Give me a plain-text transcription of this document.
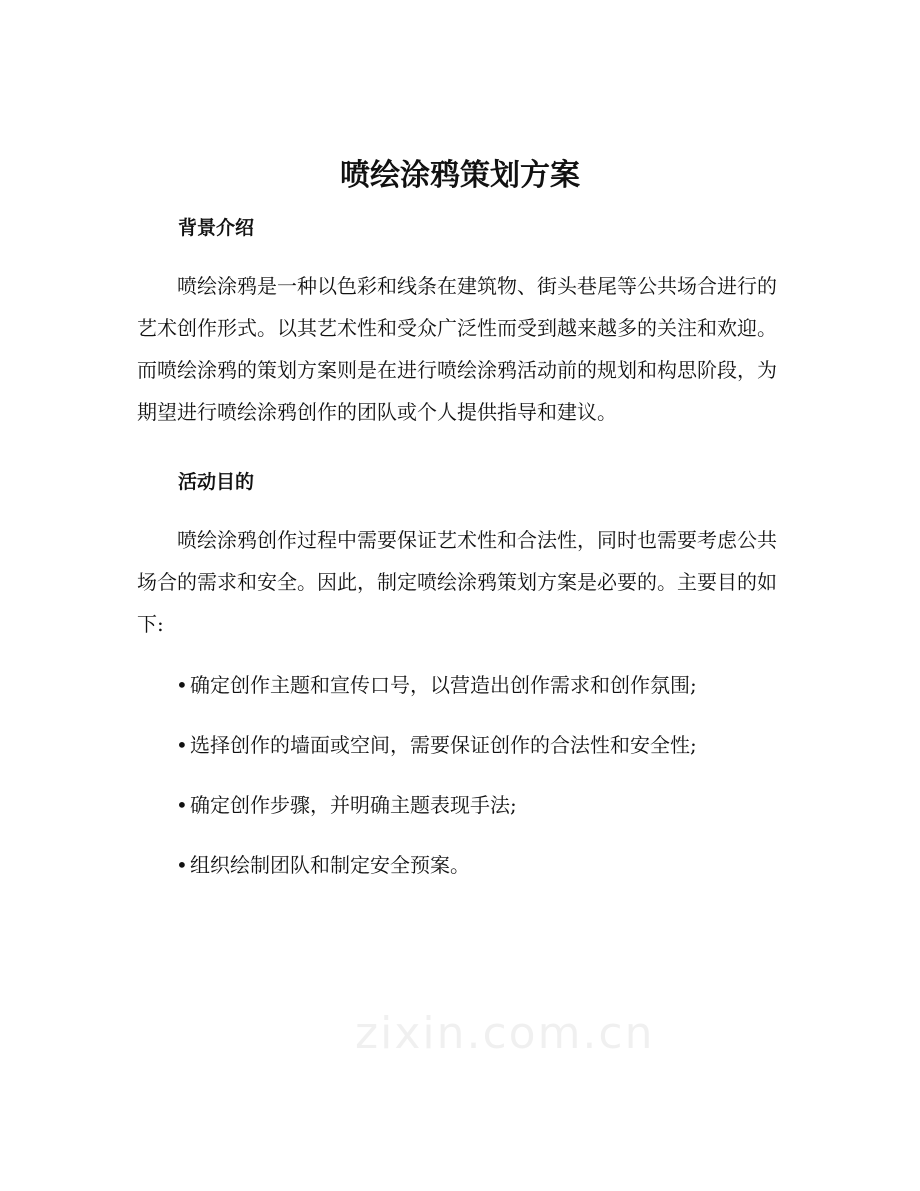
喷绘涂鸦策划方案
背景介绍

喷绘涂鸦是一种以色彩和线条在建筑物、街头巷尾等公共场合进行的艺术创作形式。以其艺术性和受众广泛性而受到越来越多的关注和欢迎。而喷绘涂鸦的策划方案则是在进行喷绘涂鸦活动前的规划和构思阶段，为期望进行喷绘涂鸦创作的团队或个人提供指导和建议。

活动目的

喷绘涂鸦创作过程中需要保证艺术性和合法性，同时也需要考虑公共场合的需求和安全。因此，制定喷绘涂鸦策划方案是必要的。主要目的如下:

• 确定创作主题和宣传口号，以营造出创作需求和创作氛围;
• 选择创作的墙面或空间，需要保证创作的合法性和安全性;
• 确定创作步骤，并明确主题表现手法;
• 组织绘制团队和制定安全预案。
zixin.com.cn
